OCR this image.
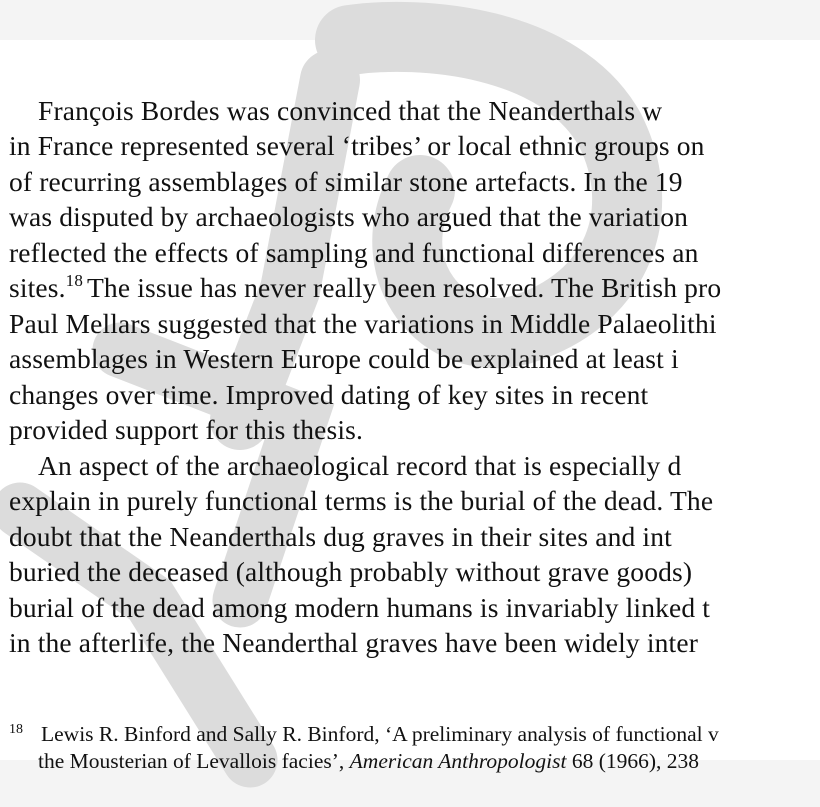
François Bordes was convinced that the Neanderthals w
in France represented several ‘tribes’ or local ethnic groups on
of recurring assemblages of similar stone artefacts. In the 19
was disputed by archaeologists who argued that the variation
reflected the effects of sampling and functional differences an
sites.$^{18}$ The issue has never really been resolved. The British pro
Paul Mellars suggested that the variations in Middle Palaeolithi
assemblages in Western Europe could be explained at least i
changes over time. Improved dating of key sites in recent
provided support for this thesis.
An aspect of the archaeological record that is especially d
explain in purely functional terms is the burial of the dead. The
doubt that the Neanderthals dug graves in their sites and int
buried the deceased (although probably without grave goods)
burial of the dead among modern humans is invariably linked t
in the afterlife, the Neanderthal graves have been widely inter
$^{18}$ Lewis R. Binford and Sally R. Binford, ‘A preliminary analysis of functional v
the Mousterian of Levallois facies’, American Anthropologist 68 (1966), 238
